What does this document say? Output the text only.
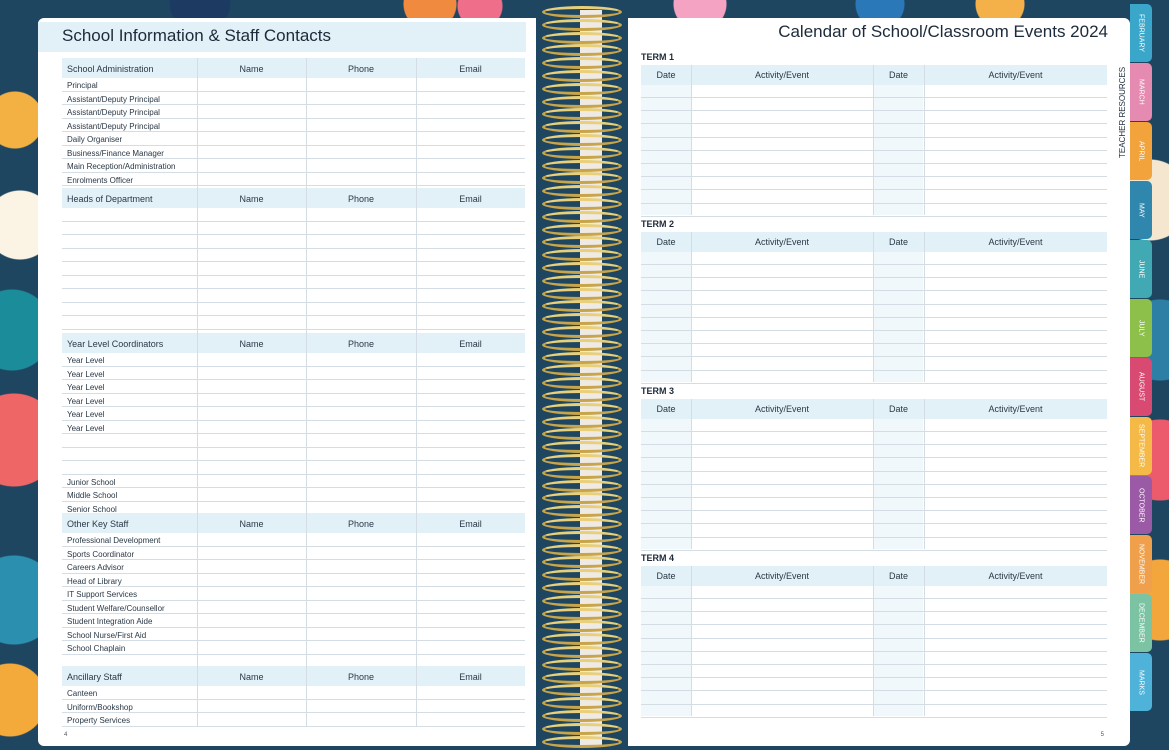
School Information & Staff Contacts
School Administration	Name	Phone	Email
Principal
Assistant/Deputy Principal
Assistant/Deputy Principal
Assistant/Deputy Principal
Daily Organiser
Business/Finance Manager
Main Reception/Administration
Enrolments Officer
Heads of Department	Name	Phone	Email
Year Level Coordinators	Name	Phone	Email
Year Level
Year Level
Year Level
Year Level
Year Level
Year Level
Junior School
Middle School
Senior School
Other Key Staff	Name	Phone	Email
Professional Development
Sports Coordinator
Careers Advisor
Head of Library
IT Support Services
Student Welfare/Counsellor
Student Integration Aide
School Nurse/First Aid
School Chaplain
Ancillary Staff	Name	Phone	Email
Canteen
Uniform/Bookshop
Property Services
4
Calendar of School/Classroom Events 2024
TERM 1
Date	Activity/Event	Date	Activity/Event
TERM 2
Date	Activity/Event	Date	Activity/Event
TERM 3
Date	Activity/Event	Date	Activity/Event
TERM 4
Date	Activity/Event	Date	Activity/Event
5
TEACHER RESOURCES
FEBRUARY
MARCH
APRIL
MAY
JUNE
JULY
AUGUST
SEPTEMBER
OCTOBER
NOVEMBER
DECEMBER
MARKS
